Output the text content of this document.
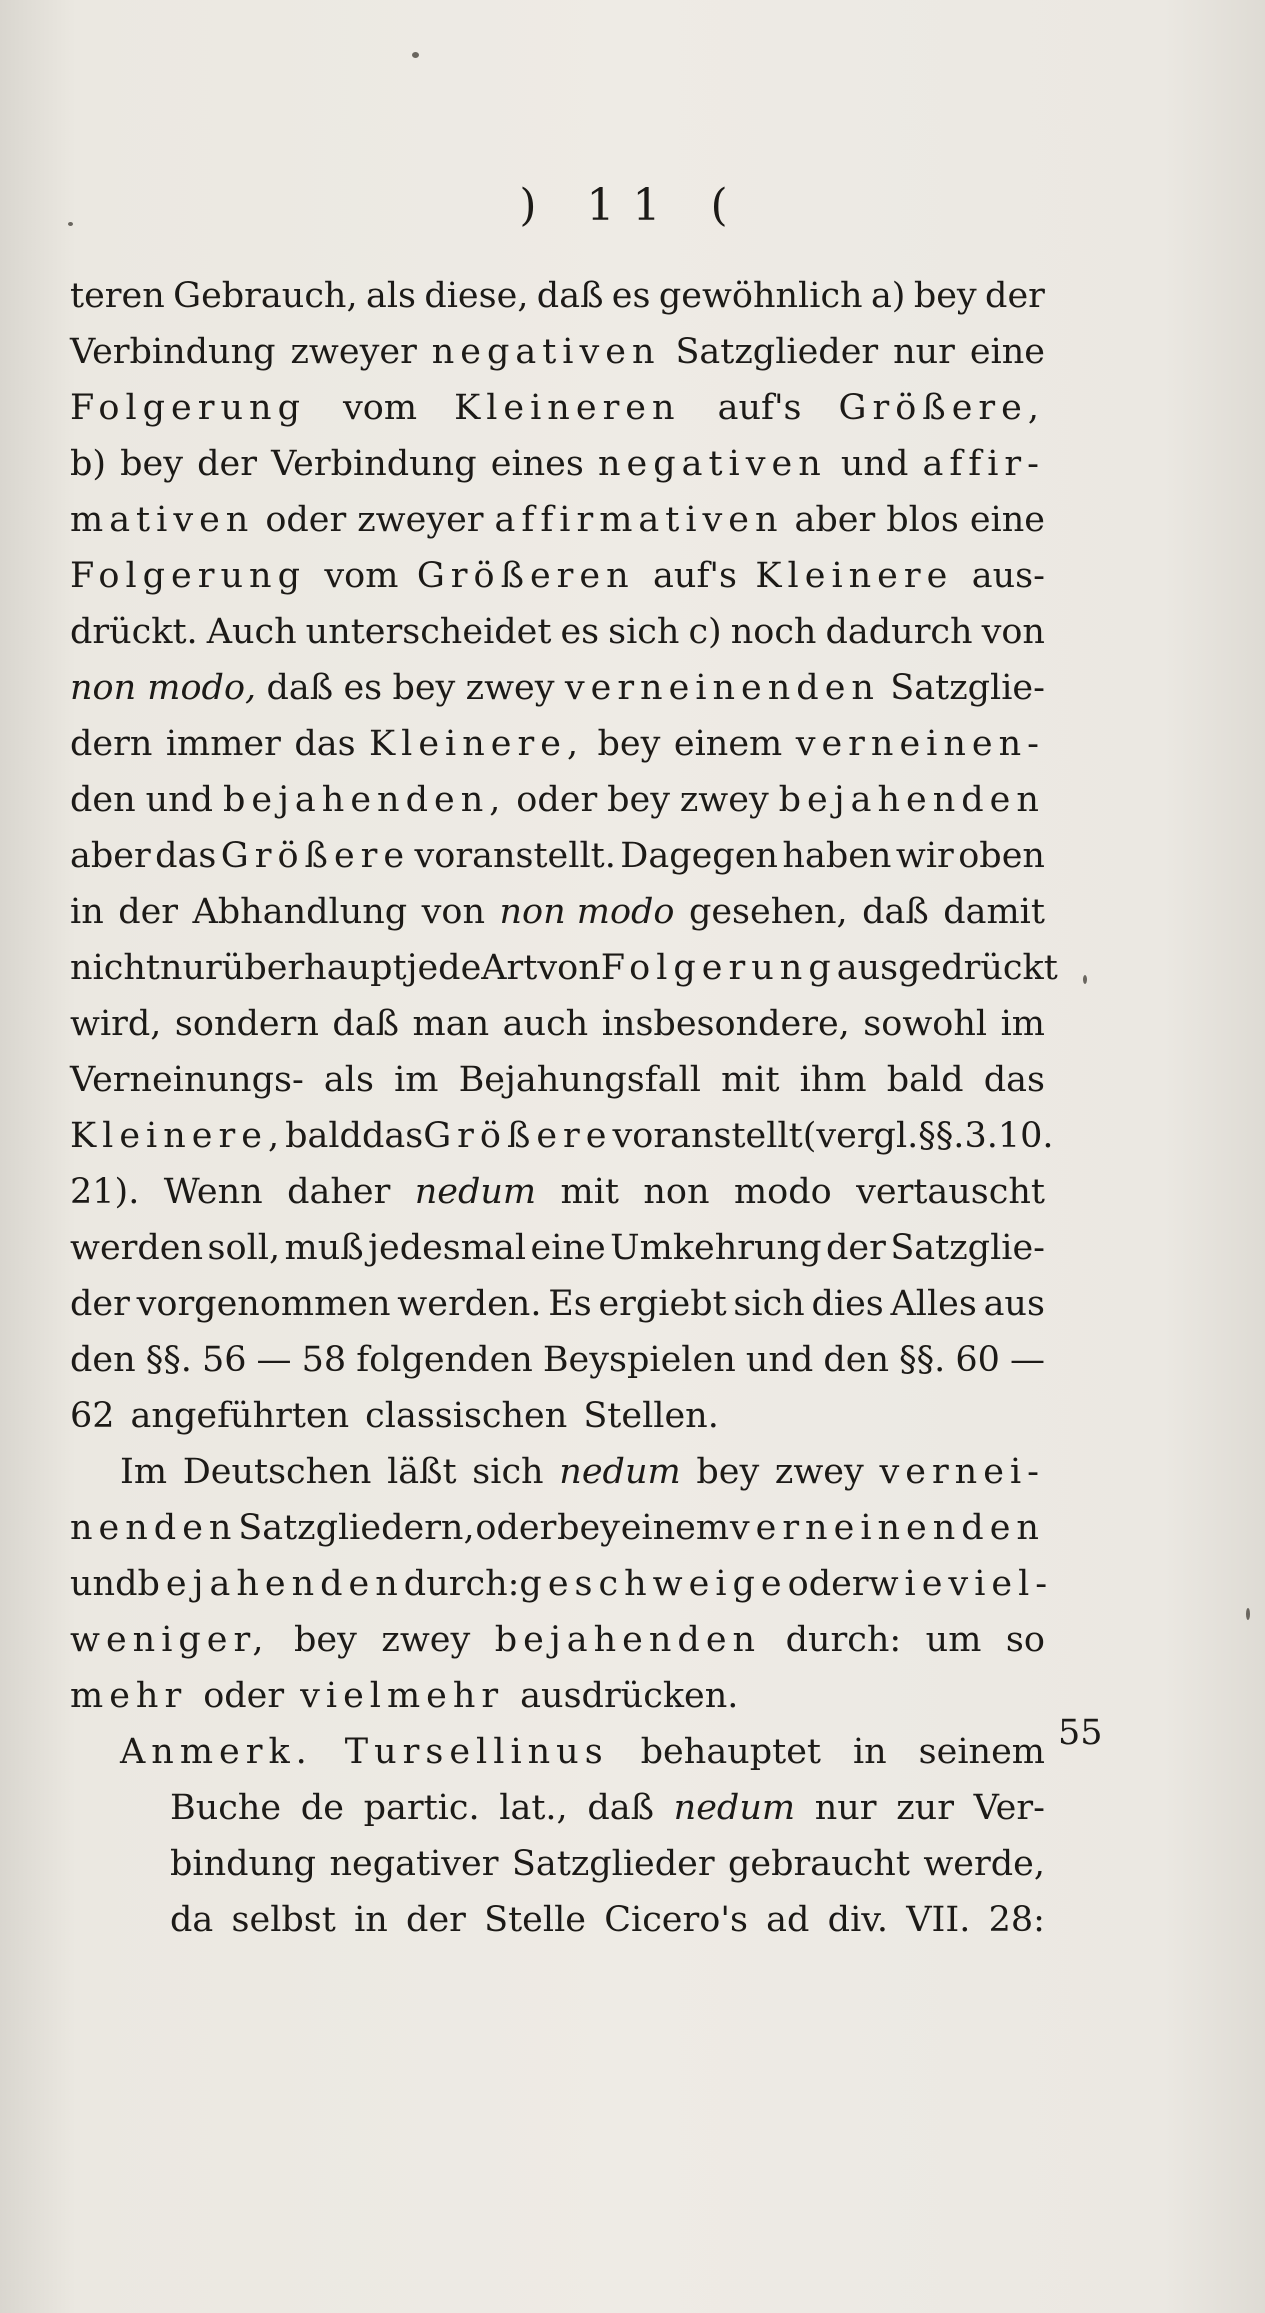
) 11 (
teren Gebrauch, als diese, daß es gewöhnlich a) bey der
Verbindung zweyer negativen Satzglieder nur eine
Folgerung vom Kleineren auf's Größere,
b) bey der Verbindung eines negativen und affir-
mativen oder zweyer affirmativen aber blos eine
Folgerung vom Größeren auf's Kleinere aus-
drückt. Auch unterscheidet es sich c) noch dadurch von
non modo, daß es bey zwey verneinenden Satzglie-
dern immer das Kleinere, bey einem verneinen-
den und bejahenden, oder bey zwey bejahenden
aber das Größere voranstellt. Dagegen haben wir oben
in der Abhandlung von non modo gesehen, daß damit
nicht nur überhaupt jede Art von Folgerung ausgedrückt
wird, sondern daß man auch insbesondere, sowohl im
Verneinungs- als im Bejahungsfall mit ihm bald das
Kleinere, bald das Größere voranstellt (vergl. §§. 3. 10.
21). Wenn daher nedum mit non modo vertauscht
werden soll, muß jedesmal eine Umkehrung der Satzglie-
der vorgenommen werden. Es ergiebt sich dies Alles aus
den §§. 56 — 58 folgenden Beyspielen und den §§. 60 —
62 angeführten classischen Stellen.
Im Deutschen läßt sich nedum bey zwey vernei-
nenden Satzgliedern, oder bey einem verneinenden
und bejahenden durch: geschweige oder wieviel-
weniger, bey zwey bejahenden durch: um so
mehr oder vielmehr ausdrücken.
Anmerk. Tursellinus behauptet in seinem
Buche de partic. lat., daß nedum nur zur Ver-
bindung negativer Satzglieder gebraucht werde,
da selbst in der Stelle Cicero's ad div. VII. 28:
55
